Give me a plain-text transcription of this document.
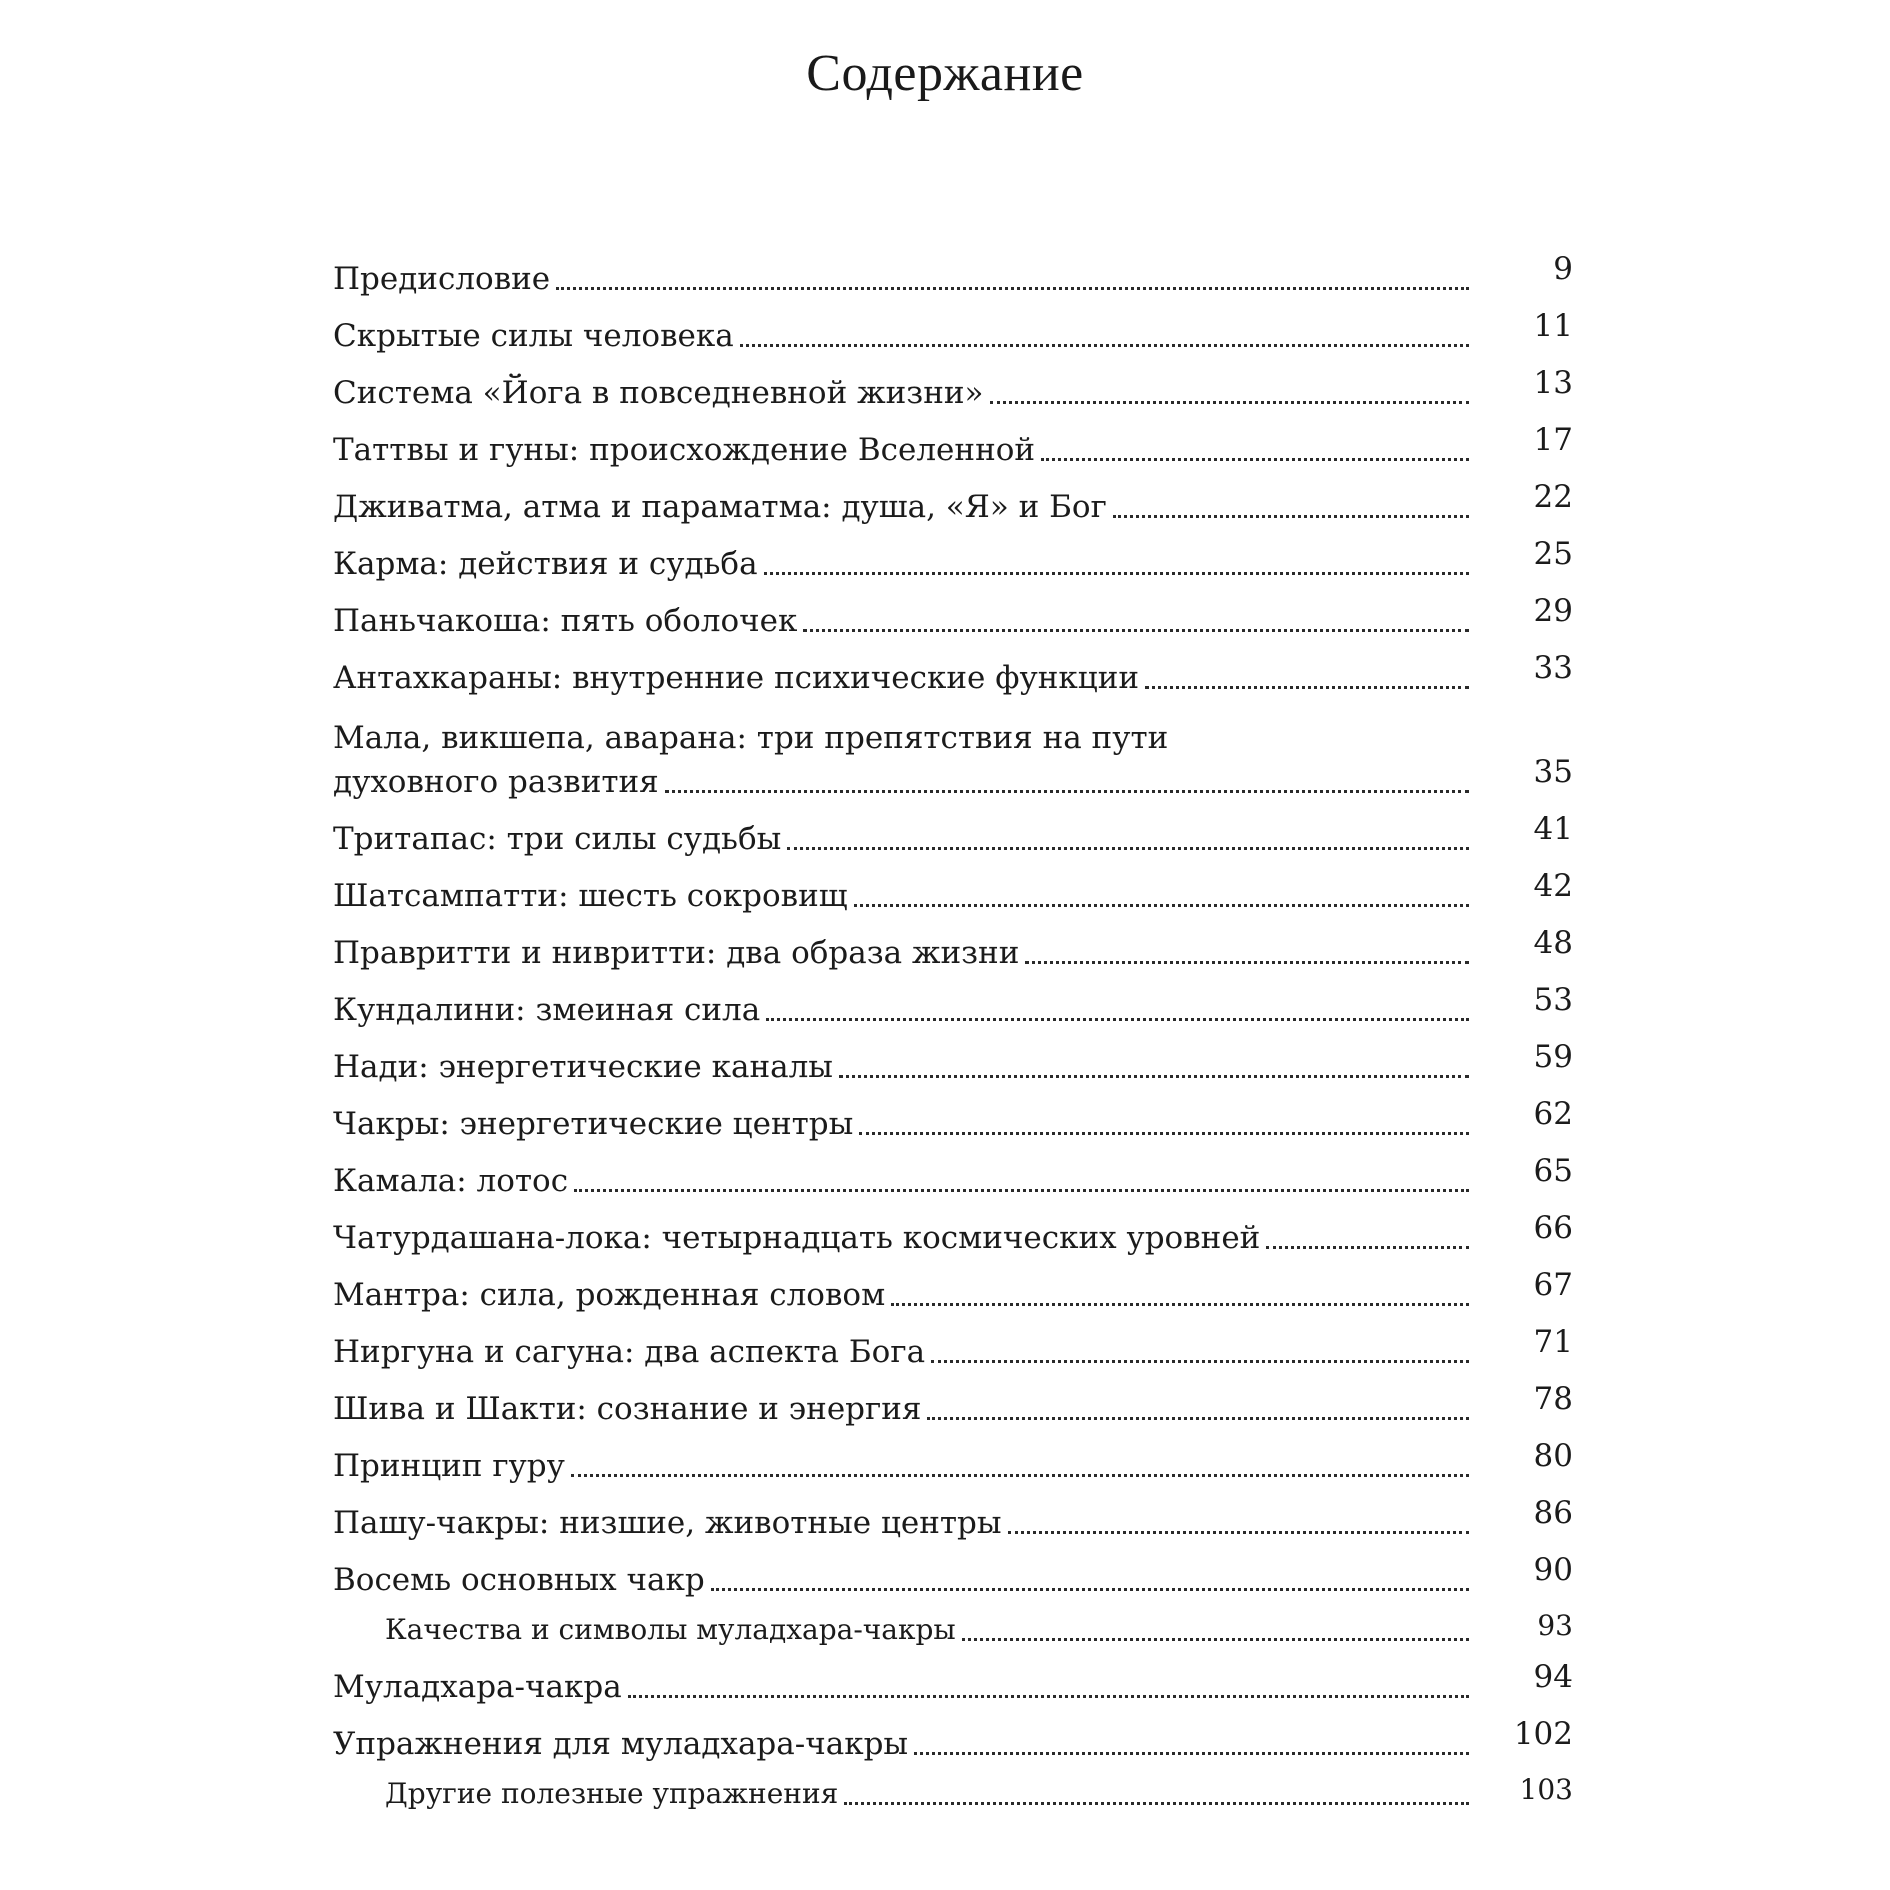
Содержание
Предисловие	9
Скрытые силы человека	11
Система «Йога в повседневной жизни»	13
Таттвы и гуны: происхождение Вселенной	17
Дживатма, атма и параматма: душа, «Я» и Бог	22
Карма: действия и судьба	25
Паньчакоша: пять оболочек	29
Антахкараны: внутренние психические функции	33
Мала, викшепа, аварана: три препятствия на пути
духовного развития	35
Тритапас: три силы судьбы	41
Шатсампатти: шесть сокровищ	42
Правритти и нивритти: два образа жизни	48
Кундалини: змеиная сила	53
Нади: энергетические каналы	59
Чакры: энергетические центры	62
Камала: лотос	65
Чатурдашана-лока: четырнадцать космических уровней	66
Мантра: сила, рожденная словом	67
Ниргуна и сагуна: два аспекта Бога	71
Шива и Шакти: сознание и энергия	78
Принцип гуру	80
Пашу-чакры: низшие, животные центры	86
Восемь основных чакр	90
Качества и символы муладхара-чакры	93
Муладхара-чакра	94
Упражнения для муладхара-чакры	102
Другие полезные упражнения	103
